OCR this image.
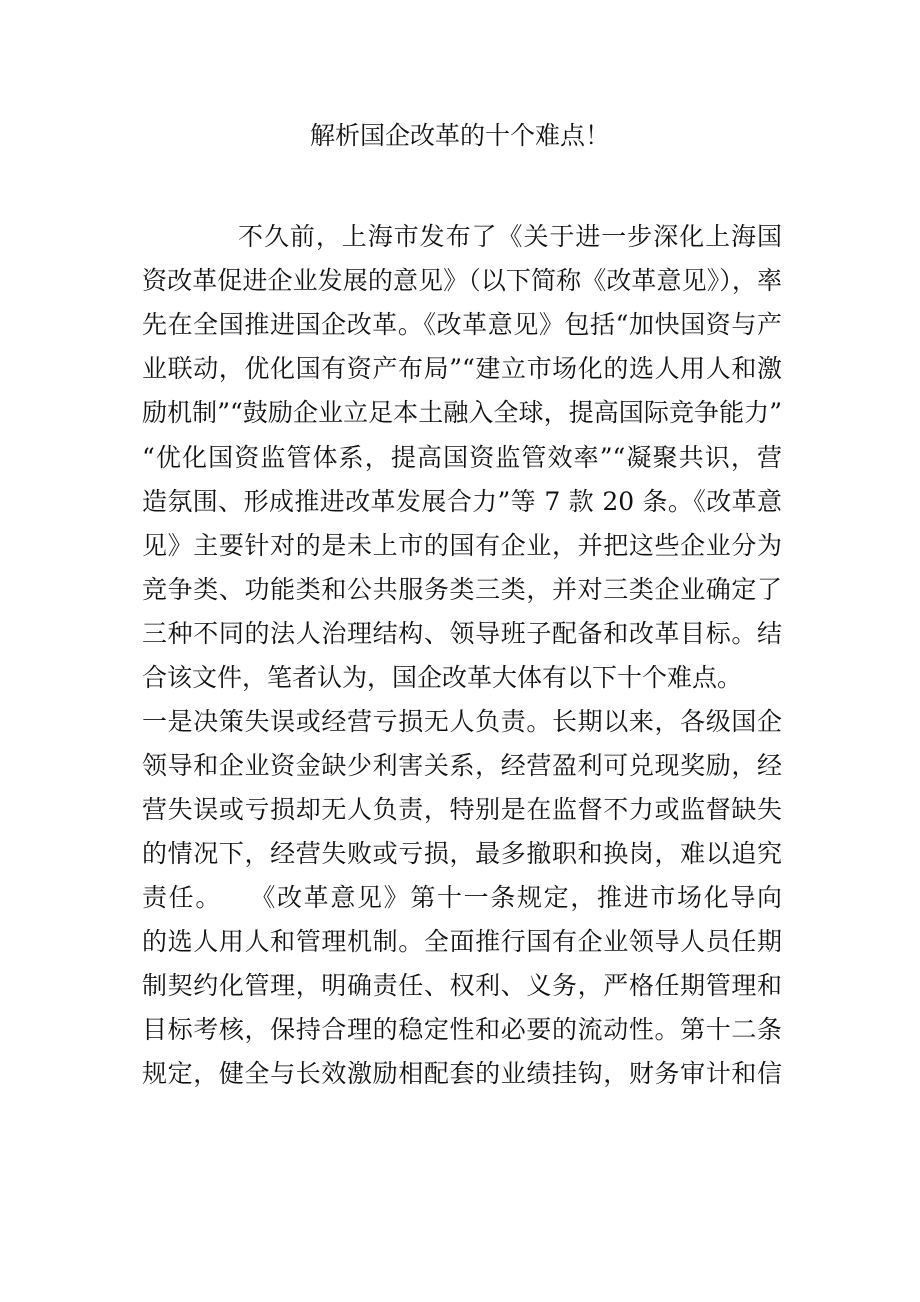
解析国企改革的十个难点！

不久前，上海市发布了《关于进一步深化上海国

资改革促进企业发展的意见》（以下简称《改革意见》），率

先在全国推进国企改革。《改革意见》包括“加快国资与产

业联动，优化国有资产布局”“建立市场化的选人用人和激

励机制”“鼓励企业立足本土融入全球，提高国际竞争能力”

“优化国资监管体系，提高国资监管效率”“凝聚共识，营

造氛围、形成推进改革发展合力”等 7 款 20 条。《改革意

见》主要针对的是未上市的国有企业，并把这些企业分为

竞争类、功能类和公共服务类三类，并对三类企业确定了

三种不同的法人治理结构、领导班子配备和改革目标。结

合该文件，笔者认为，国企改革大体有以下十个难点。

一是决策失误或经营亏损无人负责。长期以来，各级国企

领导和企业资金缺少利害关系，经营盈利可兑现奖励，经

营失误或亏损却无人负责，特别是在监督不力或监督缺失

的情况下，经营失败或亏损，最多撤职和换岗，难以追究

责任。　　《改革意见》第十一条规定，推进市场化导向

的选人用人和管理机制。全面推行国有企业领导人员任期

制契约化管理，明确责任、权利、义务，严格任期管理和

目标考核，保持合理的稳定性和必要的流动性。第十二条

规定，健全与长效激励相配套的业绩挂钩，财务审计和信
